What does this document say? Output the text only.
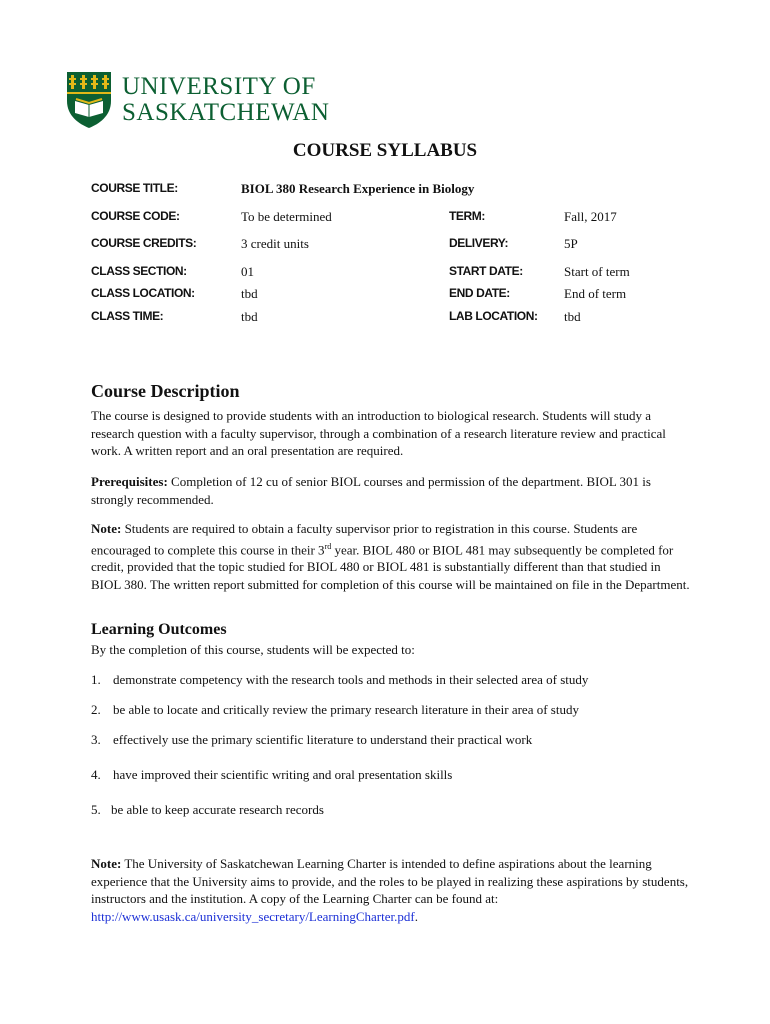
UNIVERSITY OF
SASKATCHEWAN
COURSE SYLLABUS
COURSE TITLE:	BIOL 380 Research Experience in Biology
COURSE CODE:	To be determined	TERM:	Fall, 2017
COURSE CREDITS:	3 credit units	DELIVERY:	5P
CLASS SECTION:	01	START DATE:	Start of term
CLASS LOCATION:	tbd	END DATE:	End of term
CLASS TIME:	tbd	LAB LOCATION: tbd
Course Description

The course is designed to provide students with an introduction to biological research. Students will study a research question with a faculty supervisor, through a combination of a research literature review and practical work. A written report and an oral presentation are required.

Prerequisites: Completion of 12 cu of senior BIOL courses and permission of the department. BIOL 301 is strongly recommended.

Note: Students are required to obtain a faculty supervisor prior to registration in this course. Students are encouraged to complete this course in their 3rd year. BIOL 480 or BIOL 481 may subsequently be completed for credit, provided that the topic studied for BIOL 480 or BIOL 481 is substantially different than that studied in BIOL 380. The written report submitted for completion of this course will be maintained on file in the Department.

Learning Outcomes

By the completion of this course, students will be expected to:

1. demonstrate competency with the research tools and methods in their selected area of study
2. be able to locate and critically review the primary research literature in their area of study
3. effectively use the primary scientific literature to understand their practical work
4. have improved their scientific writing and oral presentation skills
5. be able to keep accurate research records

Note: The University of Saskatchewan Learning Charter is intended to define aspirations about the learning experience that the University aims to provide, and the roles to be played in realizing these aspirations by students, instructors and the institution. A copy of the Learning Charter can be found at: http://www.usask.ca/university_secretary/LearningCharter.pdf.
